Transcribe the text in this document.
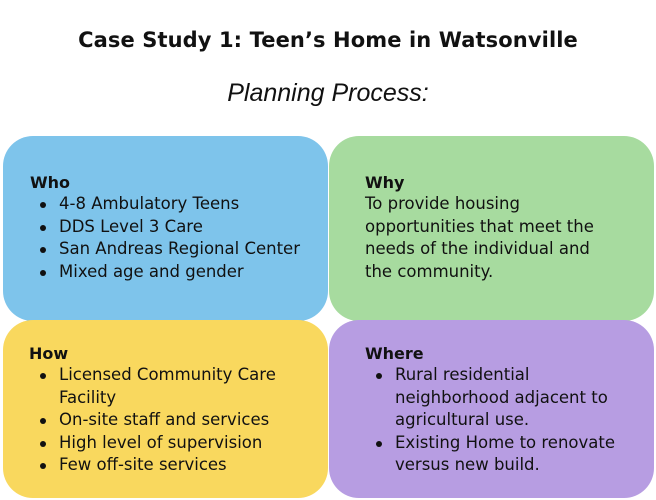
Case Study 1: Teen’s Home in Watsonville
Planning Process:
Who
4-8 Ambulatory Teens
DDS Level 3 Care
San Andreas Regional Center
Mixed age and gender
Why
To provide housing
opportunities that meet the
needs of the individual and
the community.
How
Licensed Community Care
Facility
On-site staff and services
High level of supervision
Few off-site services
Where
Rural residential
neighborhood adjacent to
agricultural use.
Existing Home to renovate
versus new build.
